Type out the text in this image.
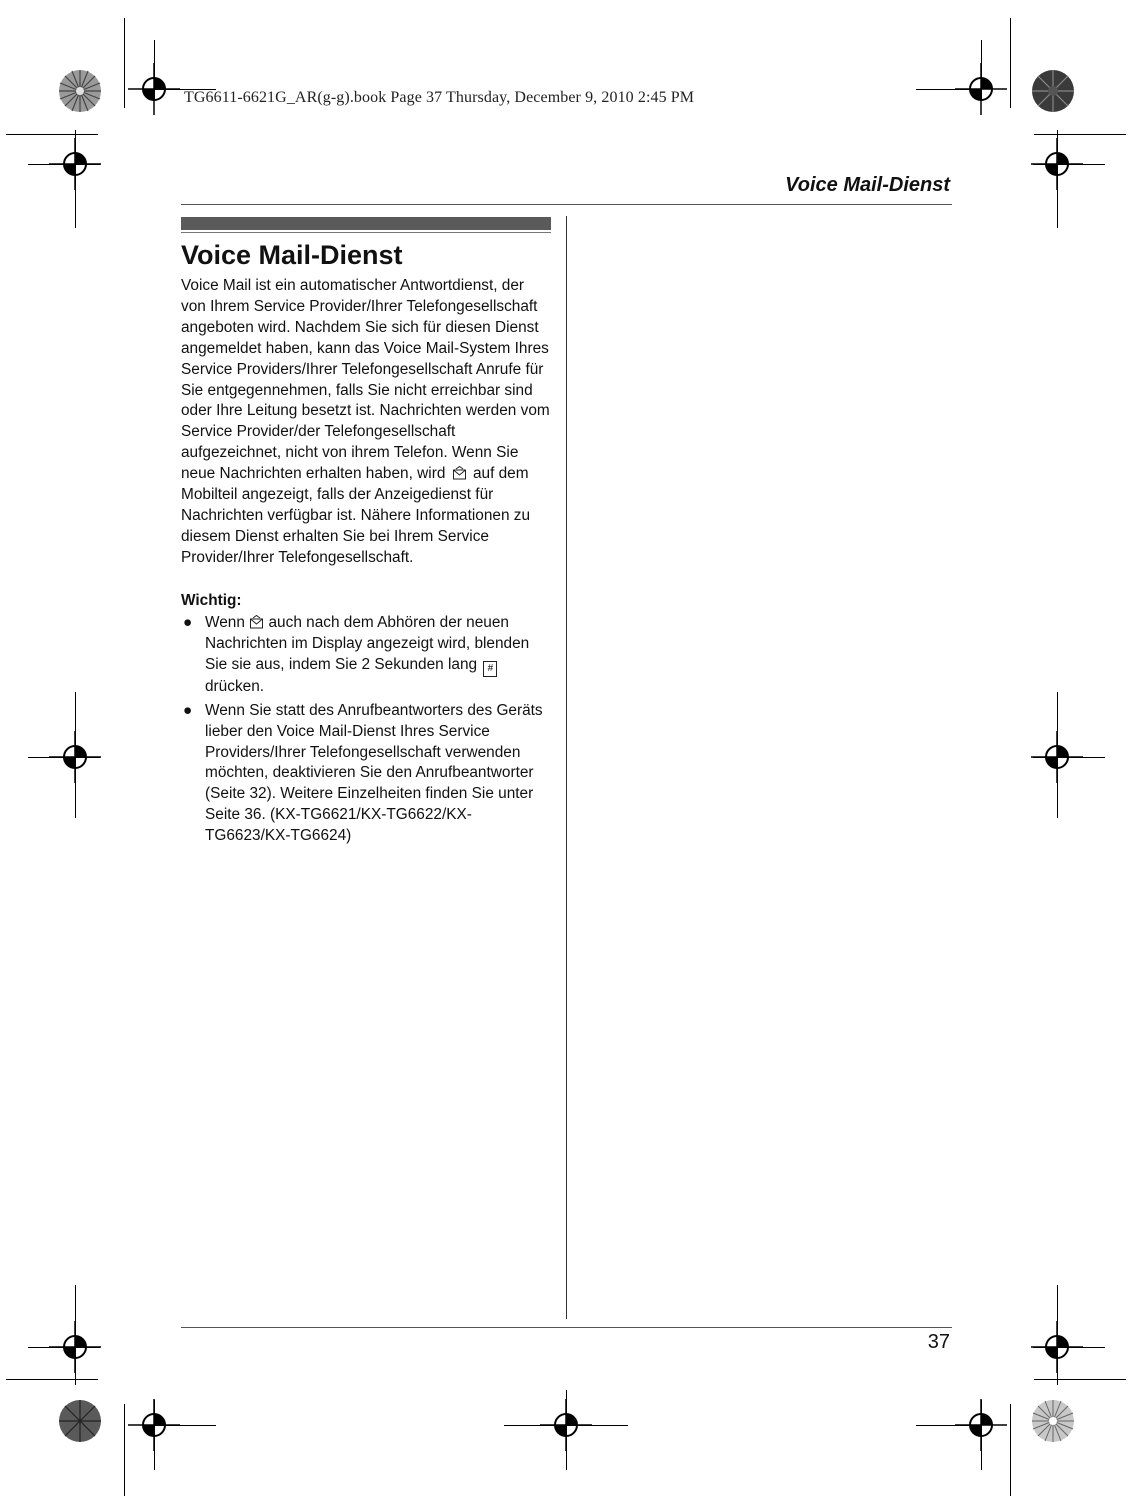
TG6611-6621G_AR(g-g).book Page 37 Thursday, December 9, 2010 2:45 PM
Voice Mail-Dienst
Voice Mail-Dienst
Voice Mail ist ein automatischer Antwortdienst, der von Ihrem Service Provider/Ihrer Telefongesellschaft angeboten wird. Nachdem Sie sich für diesen Dienst angemeldet haben, kann das Voice Mail-System Ihres Service Providers/Ihrer Telefongesellschaft Anrufe für Sie entgegennehmen, falls Sie nicht erreichbar sind oder Ihre Leitung besetzt ist. Nachrichten werden vom Service Provider/der Telefongesellschaft aufgezeichnet, nicht von ihrem Telefon. Wenn Sie neue Nachrichten erhalten haben, wird auf dem Mobilteil angezeigt, falls der Anzeigedienst für Nachrichten verfügbar ist. Nähere Informationen zu diesem Dienst erhalten Sie bei Ihrem Service Provider/Ihrer Telefongesellschaft.
Wichtig:
● Wenn auch nach dem Abhören der neuen Nachrichten im Display angezeigt wird, blenden Sie sie aus, indem Sie 2 Sekunden lang # drücken.
● Wenn Sie statt des Anrufbeantworters des Geräts lieber den Voice Mail-Dienst Ihres Service Providers/Ihrer Telefongesellschaft verwenden möchten, deaktivieren Sie den Anrufbeantworter (Seite 32). Weitere Einzelheiten finden Sie unter Seite 36. (KX-TG6621/KX-TG6622/KX-TG6623/KX-TG6624)
37
